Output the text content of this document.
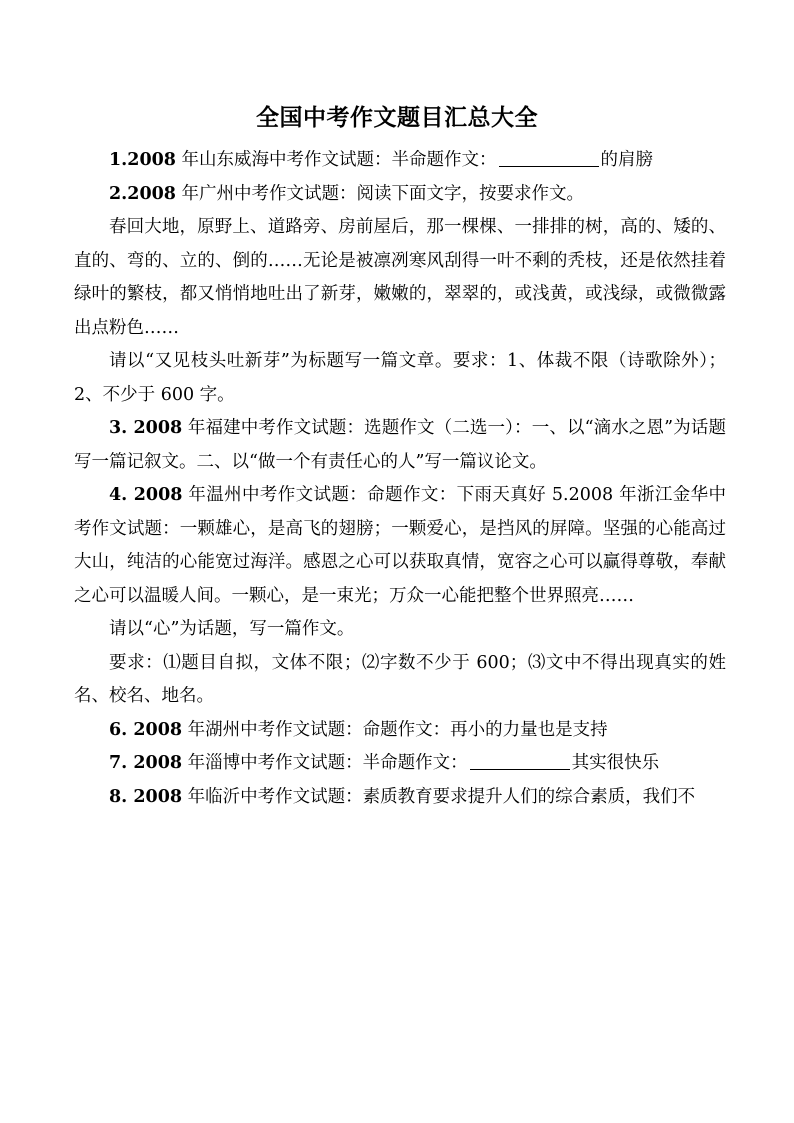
全国中考作文题目汇总大全

1.2008 年山东威海中考作文试题：半命题作文：	的肩膀

2.2008 年广州中考作文试题：阅读下面文字，按要求作文。

春回大地，原野上、道路旁、房前屋后，那一棵棵、一排排的树，高的、矮的、直的、弯的、立的、倒的……无论是被凛冽寒风刮得一叶不剩的秃枝，还是依然挂着绿叶的繁枝，都又悄悄地吐出了新芽，嫩嫩的，翠翠的，或浅黄，或浅绿，或微微露出点粉色……

请以“又见枝头吐新芽”为标题写一篇文章。要求：1、体裁不限（诗歌除外）；2、不少于 600 字。

3. 2008 年福建中考作文试题：选题作文（二选一）：一、以“滴水之恩”为话题写一篇记叙文。二、以“做一个有责任心的人”写一篇议论文。

4. 2008 年温州中考作文试题：命题作文：下雨天真好 5.2008 年浙江金华中考作文试题：一颗雄心，是高飞的翅膀；一颗爱心，是挡风的屏障。坚强的心能高过大山，纯洁的心能宽过海洋。感恩之心可以获取真情，宽容之心可以赢得尊敬，奉献之心可以温暖人间。一颗心，是一束光；万众一心能把整个世界照亮……

请以“心”为话题，写一篇作文。

要求：⑴题目自拟，文体不限；⑵字数不少于 600；⑶文中不得出现真实的姓名、校名、地名。

6. 2008 年湖州中考作文试题：命题作文：再小的力量也是支持

7. 2008 年淄博中考作文试题：半命题作文：	其实很快乐

8. 2008 年临沂中考作文试题：素质教育要求提升人们的综合素质，我们不
